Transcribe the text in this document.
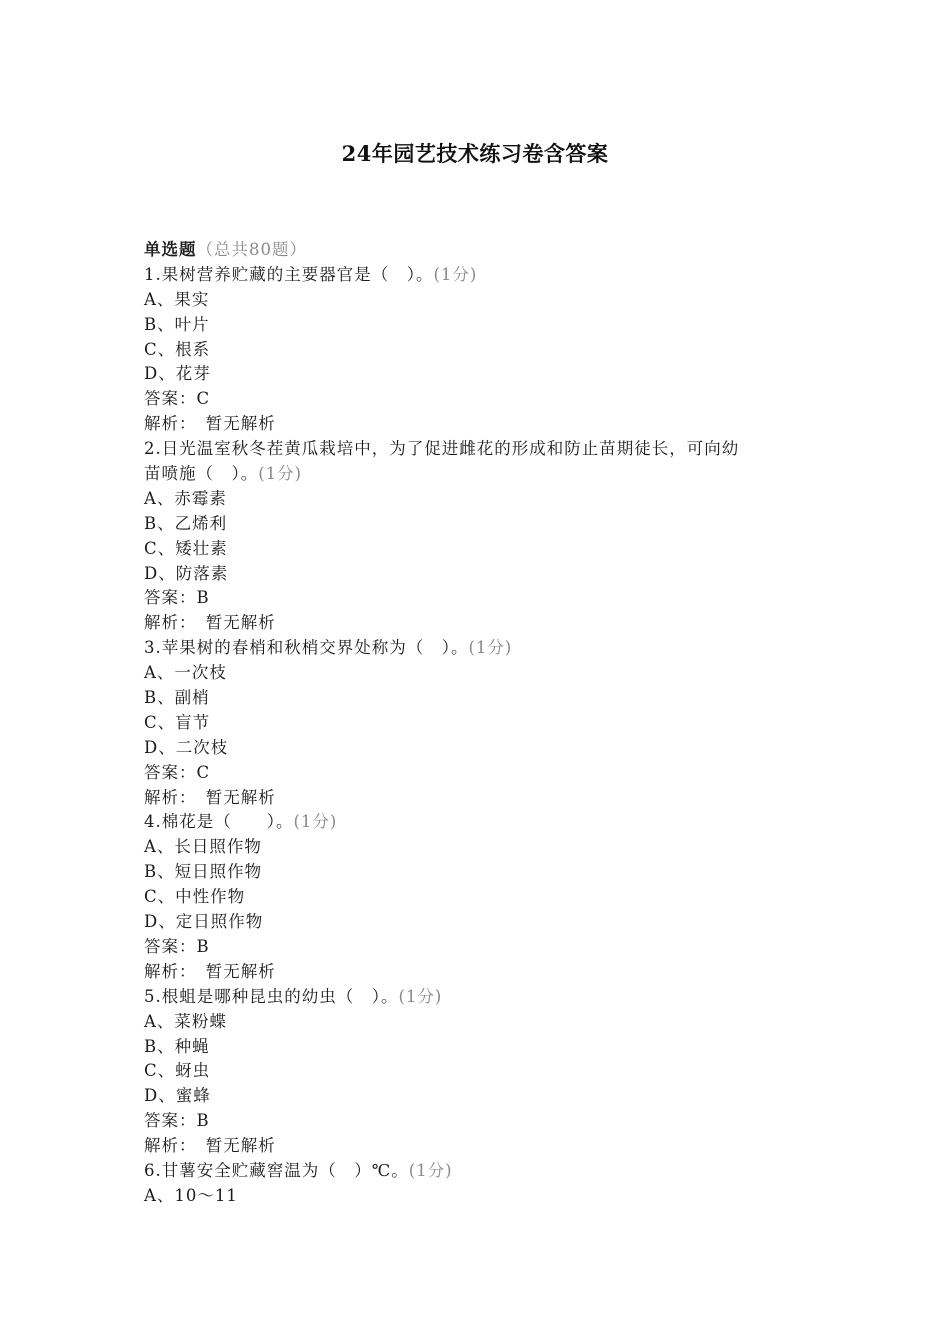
24年园艺技术练习卷含答案
单选题（总共80题）
1.果树营养贮藏的主要器官是（　）。(1分)
A、果实
B、叶片
C、根系
D、花芽
答案：C
解析：　暂无解析
2.日光温室秋冬茬黄瓜栽培中，为了促进雌花的形成和防止苗期徒长，可向幼
苗喷施（　）。(1分)
A、赤霉素
B、乙烯利
C、矮壮素
D、防落素
答案：B
解析：　暂无解析
3.苹果树的春梢和秋梢交界处称为（　）。(1分)
A、一次枝
B、副梢
C、盲节
D、二次枝
答案：C
解析：　暂无解析
4.棉花是（　　）。(1分)
A、长日照作物
B、短日照作物
C、中性作物
D、定日照作物
答案：B
解析：　暂无解析
5.根蛆是哪种昆虫的幼虫（　）。(1分)
A、菜粉蝶
B、种蝇
C、蚜虫
D、蜜蜂
答案：B
解析：　暂无解析
6.甘薯安全贮藏窖温为（　）℃。(1分)
A、10～11
